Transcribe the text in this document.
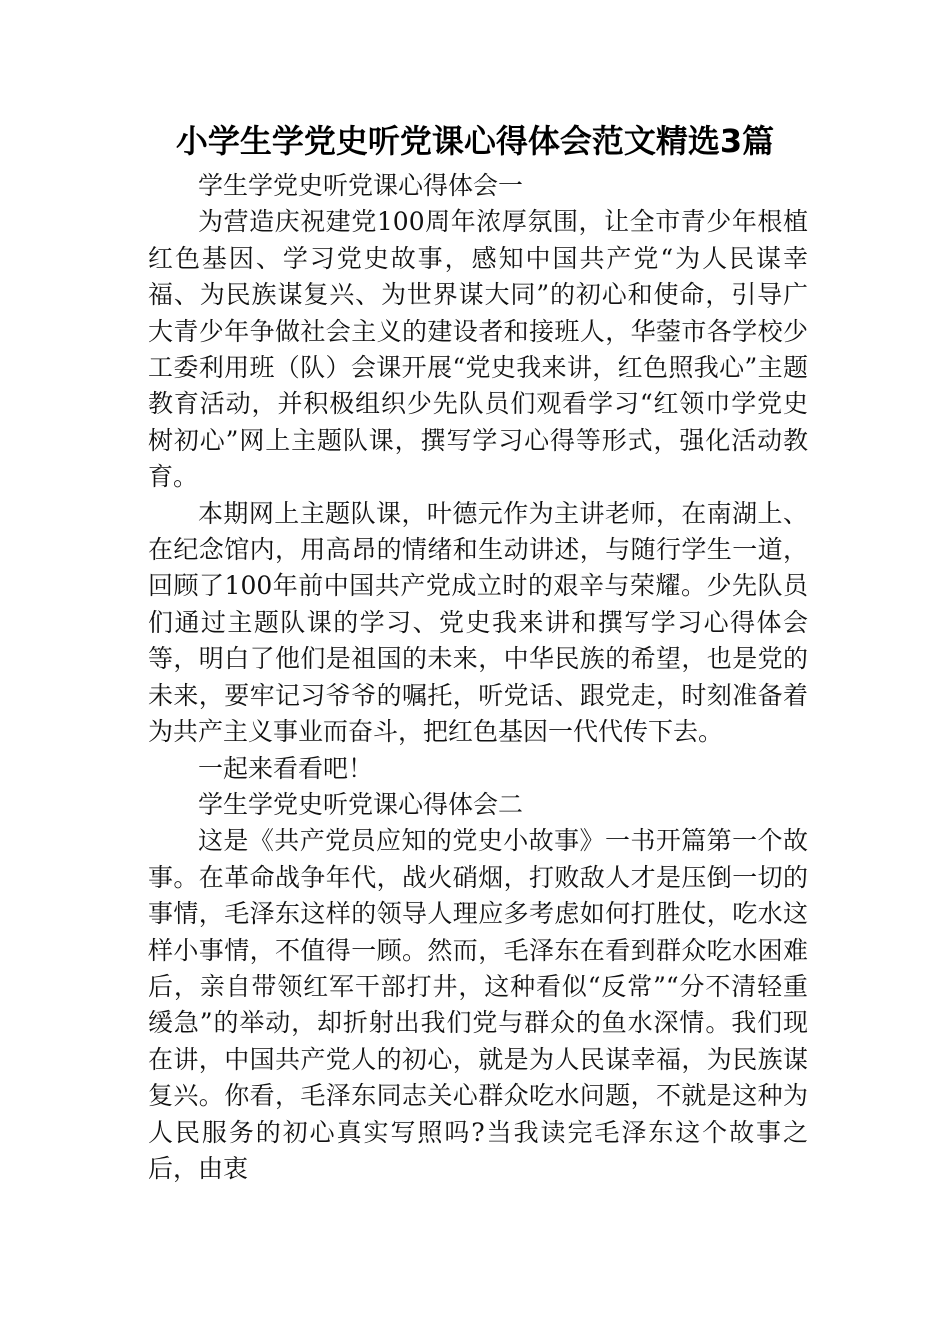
小学生学党史听党课心得体会范文精选3篇

学生学党史听党课心得体会一

为营造庆祝建党100周年浓厚氛围，让全市青少年根植红色基因、学习党史故事，感知中国共产党“为人民谋幸福、为民族谋复兴、为世界谋大同”的初心和使命，引导广大青少年争做社会主义的建设者和接班人，华蓥市各学校少工委利用班（队）会课开展“党史我来讲，红色照我心”主题教育活动，并积极组织少先队员们观看学习“红领巾学党史树初心”网上主题队课，撰写学习心得等形式，强化活动教育。

本期网上主题队课，叶德元作为主讲老师，在南湖上、在纪念馆内，用高昂的情绪和生动讲述，与随行学生一道，回顾了100年前中国共产党成立时的艰辛与荣耀。少先队员们通过主题队课的学习、党史我来讲和撰写学习心得体会等，明白了他们是祖国的未来，中华民族的希望，也是党的未来，要牢记习爷爷的嘱托，听党话、跟党走，时刻准备着为共产主义事业而奋斗，把红色基因一代代传下去。

一起来看看吧！

学生学党史听党课心得体会二

这是《共产党员应知的党史小故事》一书开篇第一个故事。在革命战争年代，战火硝烟，打败敌人才是压倒一切的事情，毛泽东这样的领导人理应多考虑如何打胜仗，吃水这样小事情，不值得一顾。然而，毛泽东在看到群众吃水困难后，亲自带领红军干部打井，这种看似“反常”“分不清轻重缓急”的举动，却折射出我们党与群众的鱼水深情。我们现在讲，中国共产党人的初心，就是为人民谋幸福，为民族谋复兴。你看，毛泽东同志关心群众吃水问题，不就是这种为人民服务的初心真实写照吗?当我读完毛泽东这个故事之后，由衷
